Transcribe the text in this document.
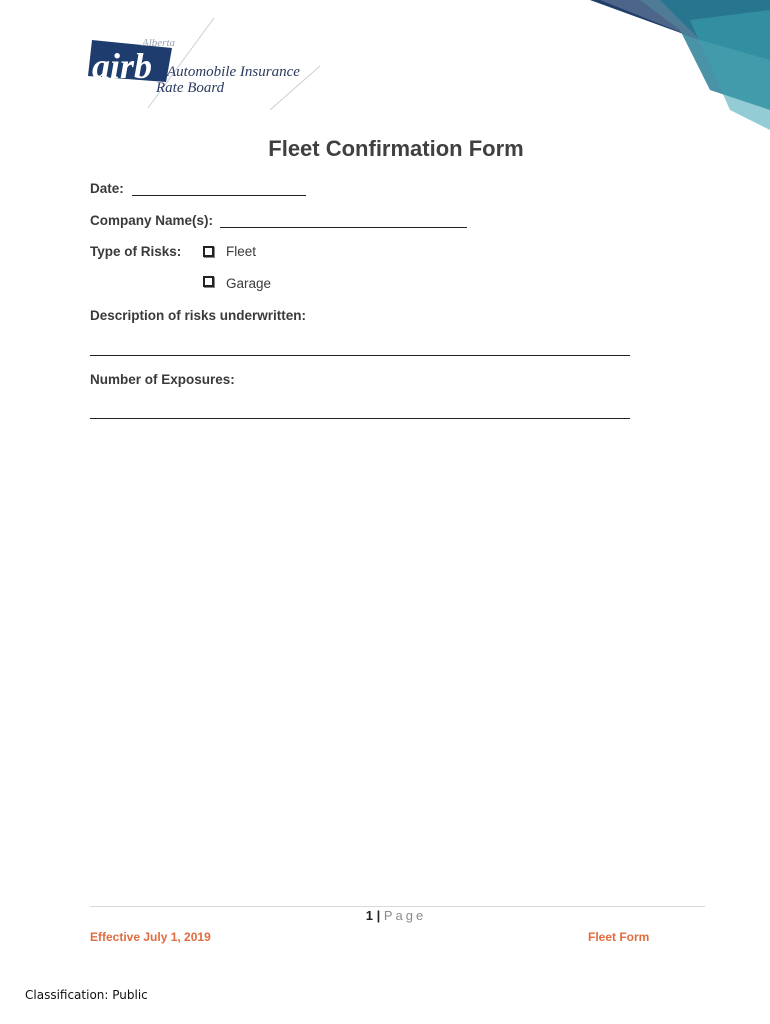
Alberta
airb Automobile Insurance
Rate Board
Fleet Confirmation Form
Date:
Company Name(s):
Type of Risks:	Fleet
Garage
Description of risks underwritten:
Number of Exposures:
1 | Page
Effective July 1, 2019	Fleet Form
Classification: Public
